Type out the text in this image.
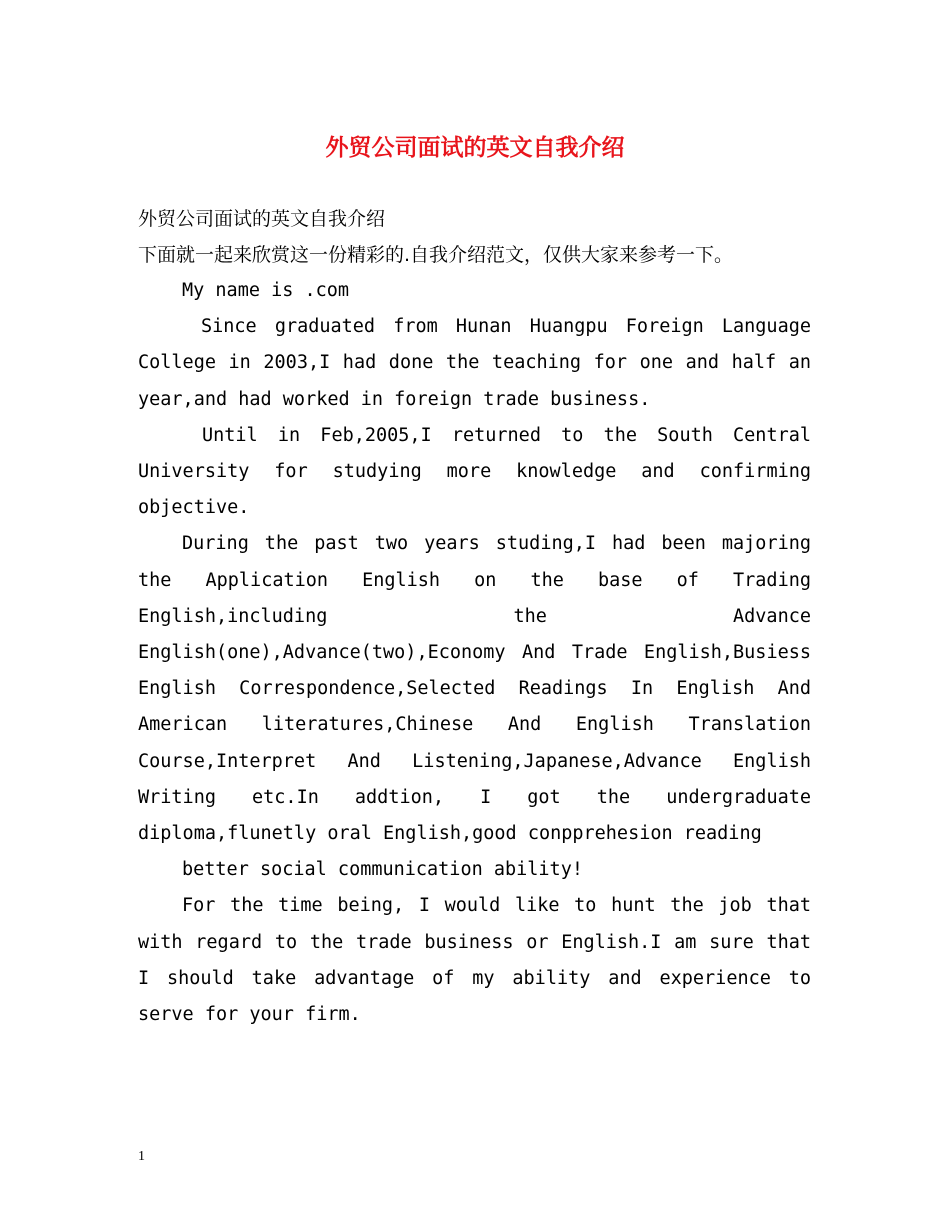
外贸公司面试的英文自我介绍
外贸公司面试的英文自我介绍
下面就一起来欣赏这一份精彩的.自我介绍范文，仅供大家来参考一下。

My name is .com

Since graduated from Hunan Huangpu Foreign Language College in 2003,I had done the teaching for one and half an year,and had worked in foreign trade business.

Until in Feb,2005,I returned to the South Central University for studying more knowledge and confirming objective.

During the past two years studing,I had been majoring the Application English on the base of Trading English,including the Advance English(one),Advance(two),Economy And Trade English,Busiess English Correspondence,Selected Readings In English And American literatures,Chinese And English Translation Course,Interpret And Listening,Japanese,Advance English Writing etc.In addtion, I got the undergraduate diploma,flunetly oral English,good conpprehesion reading

better social communication ability!

For the time being, I would like to hunt the job that with regard to the trade business or English.I am sure that I should take advantage of my ability and experience to serve for your firm.

1
